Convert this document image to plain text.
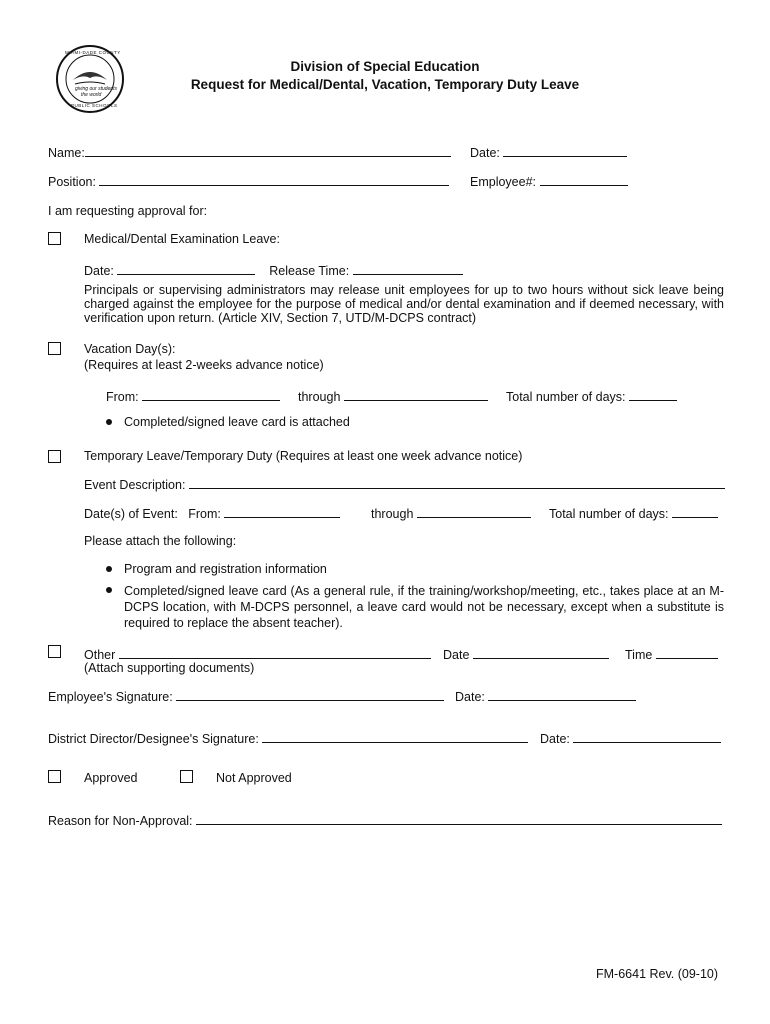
giving our students
the world
MIAMI-DADE COUNTY
PUBLIC SCHOOLS
Division of Special Education
Request for Medical/Dental, Vacation, Temporary Duty Leave
Name:	Date:
Position:	Employee#:
I am requesting approval for:
Medical/Dental Examination Leave:
Date:	Release Time:
Principals or supervising administrators may release unit employees for up to two hours without sick leave being charged against the employee for the purpose of medical and/or dental examination and if deemed necessary, with verification upon return. (Article XIV, Section 7, UTD/M-DCPS contract)
Vacation Day(s):
(Requires at least 2-weeks advance notice)
From:	through	Total number of days:
Completed/signed leave card is attached
Temporary Leave/Temporary Duty (Requires at least one week advance notice)
Event Description:
Date(s) of Event: From:	through	Total number of days:
Please attach the following:
Program and registration information
Completed/signed leave card (As a general rule, if the training/workshop/meeting, etc., takes place at an M-DCPS location, with M-DCPS personnel, a leave card would not be necessary, except when a substitute is required to replace the absent teacher).
Other	Date	Time
(Attach supporting documents)
Employee's Signature:	Date:
District Director/Designee's Signature:	Date:
Approved	Not Approved
Reason for Non-Approval:
FM-6641 Rev. (09-10)
